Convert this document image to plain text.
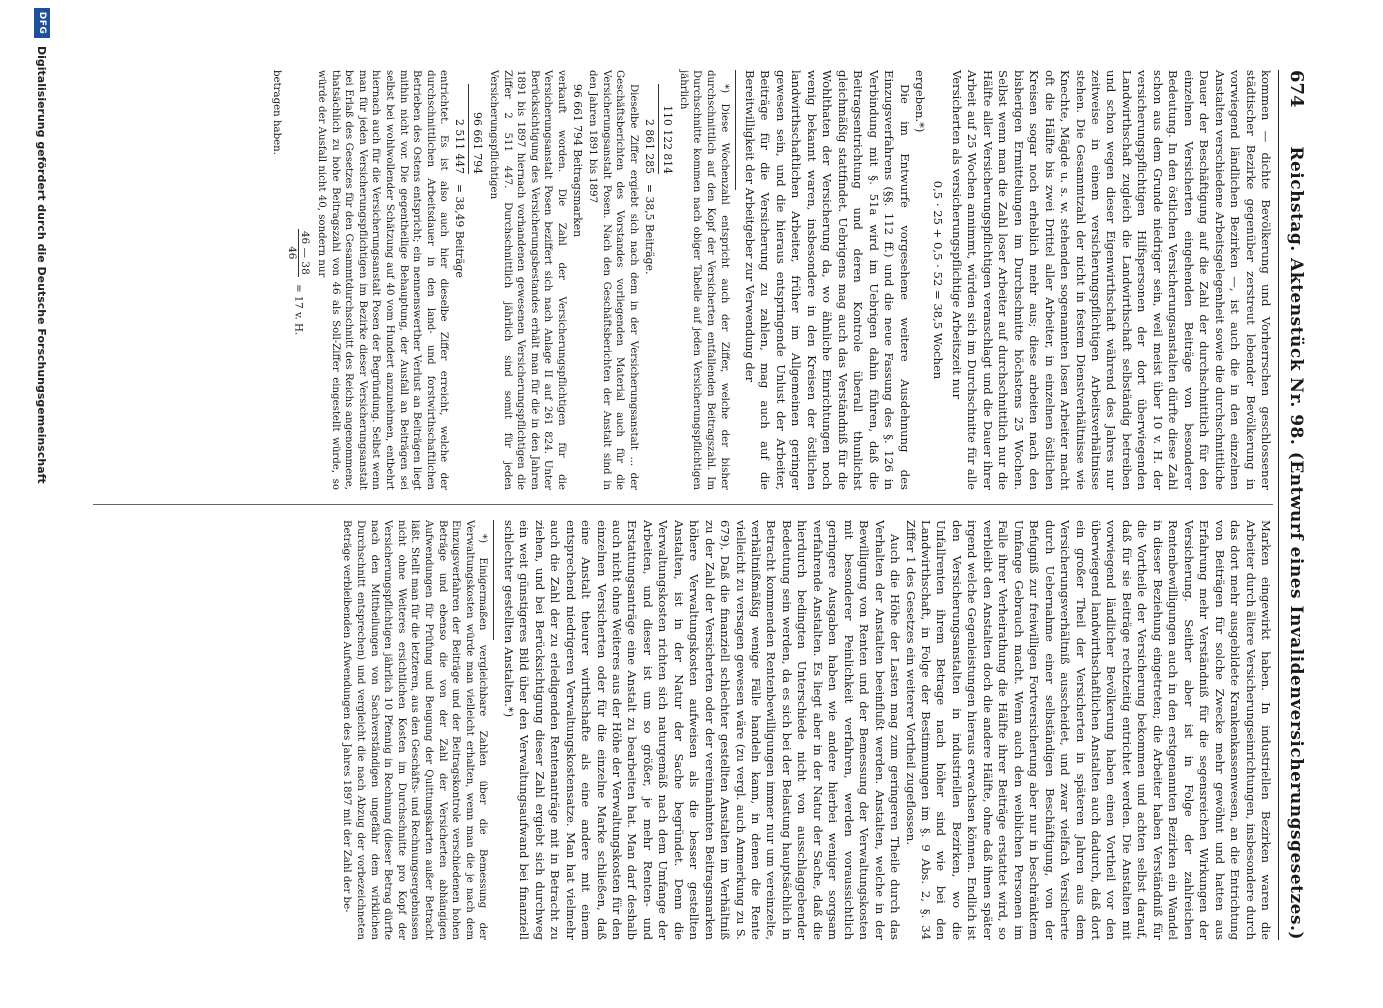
674
Reichstag. Aktenstück Nr. 98. (Entwurf eines Invalidenversicherungsgesetzes.)

kommen — dichte Bevölkerung und Vorherrschen geschlossener städtischer Bezirke gegenüber zerstreut lebender Bevölkerung in vorwiegend ländlichen Bezirken —, ist auch die in den einzelnen Anstalten verschiedene Arbeitsgelegenheit sowie die durchschnittliche Dauer der Beschäftigung auf die Zahl der durchschnittlich für den einzelnen Versicherten eingehenden Beiträge von besonderer Bedeutung. In den östlichen Versicherungsanstalten dürfte diese Zahl schon aus dem Grunde niedriger sein, weil meist über 10 v. H. der versicherungspflichtigen Hilfspersonen der dort überwiegenden Landwirthschaft zugleich die Landwirthschaft selbständig betreiben und schon wegen dieser Eigenwirthschaft während des Jahres nur zeitweise in einem versicherungspflichtigen Arbeitsverhältnisse stehen. Die Gesammtzahl der nicht in festem Dienstverhältnisse wie Knechte, Mägde u. s. w. stehenden sogenannten losen Arbeiter macht oft die Hälfte bis zwei Drittel aller Arbeiter, in einzelnen östlichen Kreisen sogar noch erheblich mehr aus; diese arbeiten nach den bisherigen Ermittelungen im Durchschnitte höchstens 25 Wochen. Selbst wenn man die Zahl loser Arbeiter auf durchschnittlich nur die Hälfte aller Versicherungspflichtigen veranschlagt und die Dauer ihrer Arbeit auf 25 Wochen annimmt, würden sich im Durchschnitte für alle Versicherten als versicherungspflichtige Arbeitszeit nur

0,5 · 25 + 0,5 · 52 = 38,5 Wochen

ergeben.*)

Die im Entwurfe vorgesehene weitere Ausdehnung des Einzugsverfahrens (§§. 112 ff.) und die neue Fassung des §. 126 in Verbindung mit §. 51a wird im Uebrigen dahin führen, daß die Beitragsentrichtung und deren Kontrole überall thunlichst gleichmäßig stattfindet. Uebrigens mag auch das Verständniß für die Wohlthaten der Versicherung da, wo ähnliche Einrichtungen noch wenig bekannt waren, insbesondere in den Kreisen der östlichen landwirthschaftlichen Arbeiter, früher im Allgemeinen geringer gewesen sein, und die hieraus entspringende Unlust der Arbeiter, Beiträge für die Versicherung zu zahlen, mag auch auf die Bereitwilligkeit der Arbeitgeber zur Verwendung der

*) Diese Wochenzahl entspricht auch der Ziffer, welche der bisher durchschnittlich auf den Kopf der Versicherten entfallenden Beitragszahl. Im Durchschnitte kommen nach obiger Tabelle auf jeden Versicherungspflichtigen jährlich

110 122 814
2 861 285
= 38,5 Beiträge.

Dieselbe Ziffer ergiebt sich nach dem in der Versicherungsanstalt ... der Geschäftsberichten des Vorstandes vorliegenden Material auch für die Versicherungsanstalt Posen. Nach den Geschäftsberichten der Anstalt sind in den Jahren 1891 bis 1897

96 661 794 Beitragsmarken

verkauft worden. Die Zahl der Versicherungspflichtigen für die Versicherungsanstalt Posen beziffert sich nach Anlage II auf 261 824. Unter Berücksichtigung des Versicherungsbestandes erhält man für die in den Jahren 1891 bis 1897 hiernach vorhandenen gewesenen Versicherungspflichtigen die Ziffer 2 511 447. Durchschnittlich jährlich sind somit für jeden Versicherungspflichtigen

96 661 794
2 511 447
= 38,49 Beiträge

entrichtet. Es ist also auch hier dieselbe Ziffer erreicht, welche der durchschnittlichen Arbeitsdauer in den land- und forstwirthschaftlichen Betrieben des Ostens entspricht; ein nennenswerther Verlust an Beiträgen liegt mithin nicht vor. Die gegentheilige Behauptung, der Ausfall an Beiträgen sei selbst bei wohlwollender Schätzung auf 40 vom Hundert anzunehmen, entbehrt hiernach auch für die Versicherungsanstalt Posen der Begründung. Selbst wenn man für jeden Versicherungspflichtigen im Bezirke dieser Versicherungsanstalt bei Erlaß des Gesetzes für den Gesammtdurchschnitt des Reichs angenommene, thatsächlich zu hohe Beitragszahl von 46 als Soll-Ziffer eingestellt würde, so würde der Ausfall nicht 40, sondern nur

46 — 38
46
= 17 v. H.

betragen haben.

Marken eingewirkt haben. In industriellen Bezirken waren die Arbeiter durch ältere Versicherungseinrichtungen, insbesondere durch das dort mehr ausgebildete Krankenkassenwesen, an die Entrichtung von Beiträgen für solche Zwecke mehr gewöhnt und hatten aus Erfahrung mehr Verständniß für die segensreichen Wirkungen der Versicherung. Seither aber ist in Folge der zahlreichen Rentenbewilligungen auch in den erstgenannten Bezirken ein Wandel in dieser Beziehung eingetreten; die Arbeiter haben Verständniß für die Vortheile der Versicherung bekommen und achten selbst darauf, daß für sie Beiträge rechtzeitig entrichtet werden. Die Anstalten mit vorwiegend ländlicher Bevölkerung haben einen Vortheil vor den überwiegend landwirthschaftlichen Anstalten auch dadurch, daß dort ein großer Theil der Versicherten in späteren Jahren aus dem Versicherungsverhältniß ausscheidet, und zwar vielfach Versicherte durch Uebernahme einer selbständigen Beschäftigung, von der Befugniß zur freiwilligen Fortversicherung aber nur in beschränktem Umfange Gebrauch macht. Wenn auch den weiblichen Personen im Falle ihrer Verheirathung die Hälfte ihrer Beiträge erstattet wird, so verbleibt den Anstalten doch die andere Hälfte, ohne daß ihnen später irgend welche Gegenleistungen hieraus erwachsen können. Endlich ist den Versicherungsanstalten in industriellen Bezirken, wo die Unfallrenten ihrem Betrage nach höher sind wie bei den Landwirthschaft, in Folge der Bestimmungen im §. 9 Abs. 2, §. 34 Ziffer 1 des Gesetzes ein weiterer Vortheil zugeflossen.

Auch die Höhe der Lasten mag zum geringeren Theile durch das Verhalten der Anstalten beeinflußt werden. Anstalten, welche in der Bewilligung von Renten und der Bemessung der Verwaltungskosten mit besonderer Peinlichkeit verfahren, werden voraussichtlich geringere Ausgaben haben wie andere hierbei weniger sorgsam verfahrende Anstalten. Es liegt aber in der Natur der Sache, daß die hierdurch bedingten Unterschiede nicht von ausschlaggebender Bedeutung sein werden, da es sich bei der Belastung hauptsächlich in Betracht kommenden Rentenbewilligungen immer nur um vereinzelte, verhältnißmäßig wenige Fälle handeln kann, in denen die Rente vielleicht zu versagen gewesen wäre (zu vergl. auch Anmerkung zu S. 679). Daß die finanziell schlechter gestellten Anstalten im Verhältniß zu der Zahl der Versicherten oder der vereinnahmten Beitragsmarken höhere Verwaltungskosten aufweisen als die besser gestellten Anstalten, ist in der Natur der Sache begründet. Denn die Verwaltungskosten richten sich naturgemäß nach dem Umfange der Arbeiten, und dieser ist um so größer, je mehr Renten- und Erstattungsanträge eine Anstalt zu bearbeiten hat. Man darf deshalb auch nicht ohne Weiteres aus der Höhe der Verwaltungskosten für den einzelnen Versicherten oder für die einzelne Marke schließen, daß eine Anstalt theurer wirthschafte als eine andere mit einem entsprechend niedrigeren Verwaltungskostensatze. Man hat vielmehr auch die Zahl der zu erledigenden Rentenanträge mit in Betracht zu ziehen, und bei Berücksichtigung dieser Zahl ergiebt sich durchweg ein weit günstigeres Bild über den Verwaltungsaufwand bei finanziell schlechter gestellten Anstalten.*)

*) Einigermaßen vergleichbare Zahlen über die Bemessung der Verwaltungskosten würde man vielleicht erhalten, wenn man die je nach dem Einzugsverfahren der Beiträge und der Beitragskontrole verschiedenen hohen Beträge und ebenso die von der Zahl der Versicherten abhängigen Aufwendungen für Prüfung und Beugung der Quittungskarten außer Betracht läßt. Stellt man für die letzteren, aus den Geschäfts- und Rechnungsergebnissen nicht ohne Weiteres ersichtlichen Kosten im Durchschnitte pro Kopf der Versicherungspflichtigen jährlich 10 Pfennig in Rechnung (dieser Betrag dürfte nach den Mittheilungen von Sachverständigen ungefähr dem wirklichen Durchschnitt entsprechen) und vergleicht die nach Abzug der vorbezeichneten Beträge verbleibenden Aufwendungen des Jahres 1897 mit der Zahl der be-

DFG
Digitalisierung gefördert durch die Deutsche Forschungsgemeinschaft
